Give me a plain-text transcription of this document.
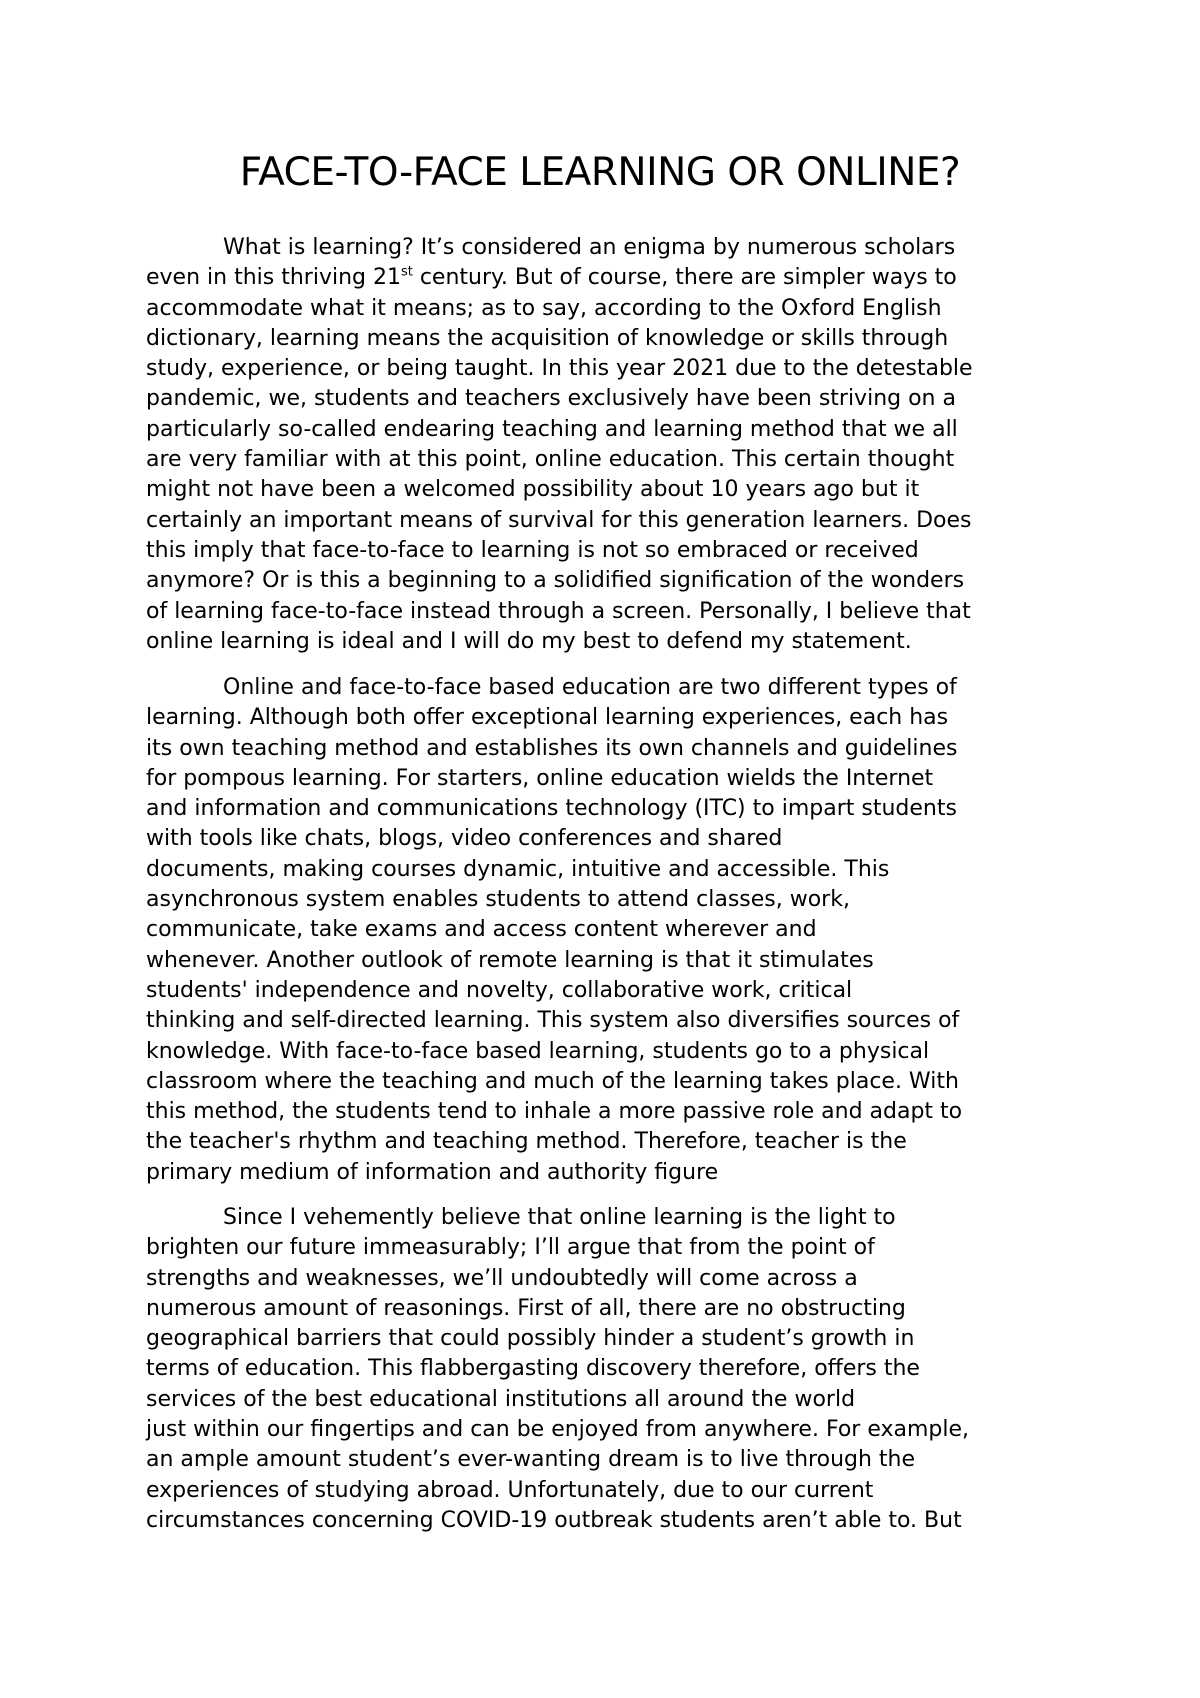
FACE-TO-FACE LEARNING OR ONLINE?
What is learning? It’s considered an enigma by numerous scholars
even in this thriving 21st century. But of course, there are simpler ways to
accommodate what it means; as to say, according to the Oxford English
dictionary, learning means the acquisition of knowledge or skills through
study, experience, or being taught. In this year 2021 due to the detestable
pandemic, we, students and teachers exclusively have been striving on a
particularly so-called endearing teaching and learning method that we all
are very familiar with at this point, online education. This certain thought
might not have been a welcomed possibility about 10 years ago but it
certainly an important means of survival for this generation learners. Does
this imply that face-to-face to learning is not so embraced or received
anymore? Or is this a beginning to a solidified signification of the wonders
of learning face-to-face instead through a screen. Personally, I believe that
online learning is ideal and I will do my best to defend my statement.
Online and face-to-face based education are two different types of
learning. Although both offer exceptional learning experiences, each has
its own teaching method and establishes its own channels and guidelines
for pompous learning. For starters, online education wields the Internet
and information and communications technology (ITC) to impart students
with tools like chats, blogs, video conferences and shared
documents, making courses dynamic, intuitive and accessible. This
asynchronous system enables students to attend classes, work,
communicate, take exams and access content wherever and
whenever. Another outlook of remote learning is that it stimulates
students' independence and novelty, collaborative work, critical
thinking and self-directed learning. This system also diversifies sources of
knowledge. With face-to-face based learning, students go to a physical
classroom where the teaching and much of the learning takes place. With
this method, the students tend to inhale a more passive role and adapt to
the teacher's rhythm and teaching method. Therefore, teacher is the
primary medium of information and authority figure
Since I vehemently believe that online learning is the light to
brighten our future immeasurably; I’ll argue that from the point of
strengths and weaknesses, we’ll undoubtedly will come across a
numerous amount of reasonings. First of all, there are no obstructing
geographical barriers that could possibly hinder a student’s growth in
terms of education. This flabbergasting discovery therefore, offers the
services of the best educational institutions all around the world
just within our fingertips and can be enjoyed from anywhere. For example,
an ample amount student’s ever-wanting dream is to live through the
experiences of studying abroad. Unfortunately, due to our current
circumstances concerning COVID-19 outbreak students aren’t able to. But
